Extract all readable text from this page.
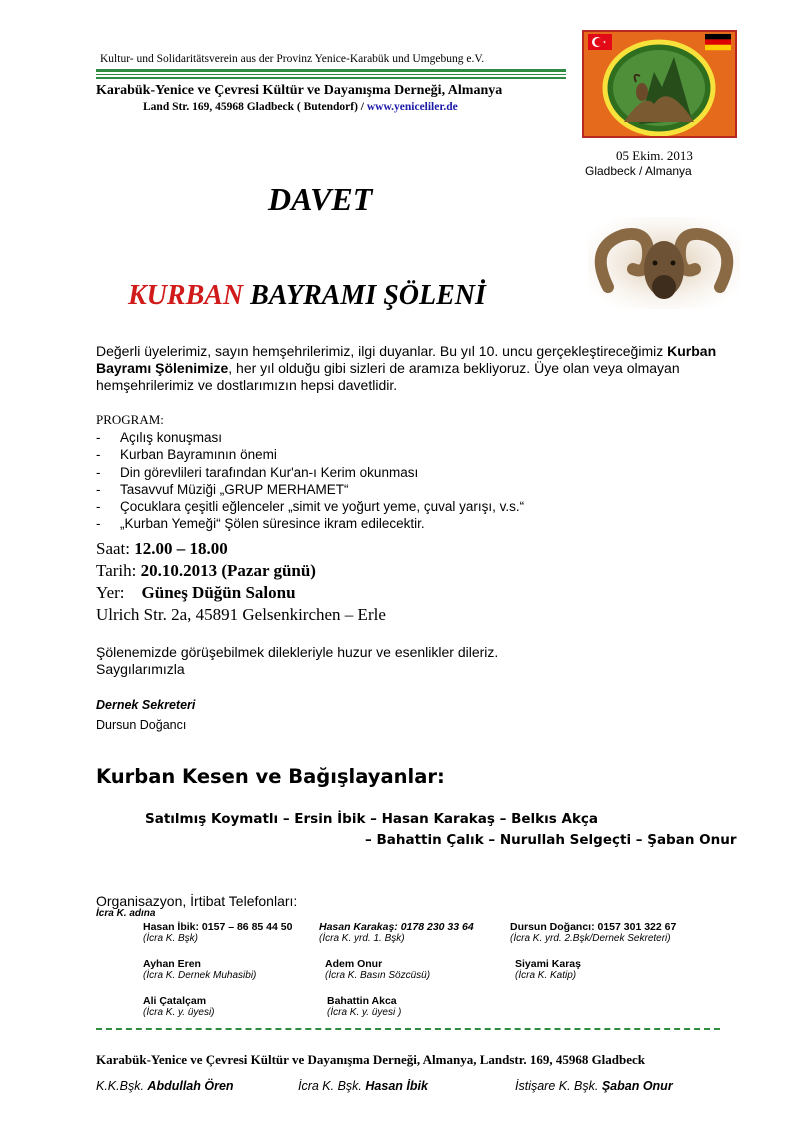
Kultur- und Solidaritätsverein aus der Provinz Yenice-Karabük und Umgebung e.V.
Karabük-Yenice ve Çevresi Kültür ve Dayanışma Derneği, Almanya
Land Str. 169, 45968 Gladbeck ( Butendorf) / www.yeniceliler.de
05 Ekim. 2013
Gladbeck / Almanya
DAVET
KURBAN BAYRAMI ŞÖLENİ
Değerli üyelerimiz, sayın hemşehrilerimiz, ilgi duyanlar. Bu yıl 10. uncu gerçekleştireceğimiz Kurban Bayramı Şölenimize, her yıl olduğu gibi sizleri de aramıza bekliyoruz. Üye olan veya olmayan hemşehrilerimiz ve dostlarımızın hepsi davetlidir.
PROGRAM:
-	Açılış konuşması
-	Kurban Bayramının önemi
-	Din görevlileri tarafından Kur'an-ı Kerim okunması
-	Tasavvuf Müziği „GRUP MERHAMET“
-	Çocuklara çeşitli eğlenceler „simit ve yoğurt yeme, çuval yarışı, v.s.“
-	„Kurban Yemeği“ Şölen süresince ikram edilecektir.
Saat: 12.00 – 18.00
Tarih: 20.10.2013 (Pazar günü)
Yer: Güneş Düğün Salonu
Ulrich Str. 2a, 45891 Gelsenkirchen – Erle
Şölenemizde görüşebilmek dilekleriyle huzur ve esenlikler dileriz.
Saygılarımızla
Dernek Sekreteri
Dursun Doğancı
Kurban Kesen ve Bağışlayanlar:
Satılmış Koymatlı – Ersin İbik – Hasan Karakaş – Belkıs Akça
– Bahattin Çalık – Nurullah Selgeçti – Şaban Onur
Organisazyon, İrtibat Telefonları:
İcra K. adına
Hasan İbik: 0157 – 86 85 44 50
(İcra K. Bşk)
Hasan Karakaş: 0178 230 33 64
(İcra K. yrd. 1. Bşk)
Dursun Doğancı: 0157 301 322 67
(İcra K. yrd. 2.Bşk/Dernek Sekreteri)
Ayhan Eren
(İcra K. Dernek Muhasibi)
Adem Onur
(İcra K. Basın Sözcüsü)
Siyami Karaş
(İcra K. Katip)
Ali Çatalçam
(İcra K. y. üyesi)
Bahattin Akca
(İcra K. y. üyesi )
Karabük-Yenice ve Çevresi Kültür ve Dayanışma Derneği, Almanya, Landstr. 169, 45968 Gladbeck
K.K.Bşk. Abdullah Ören	İcra K. Bşk. Hasan İbik	İstişare K. Bşk. Şaban Onur
